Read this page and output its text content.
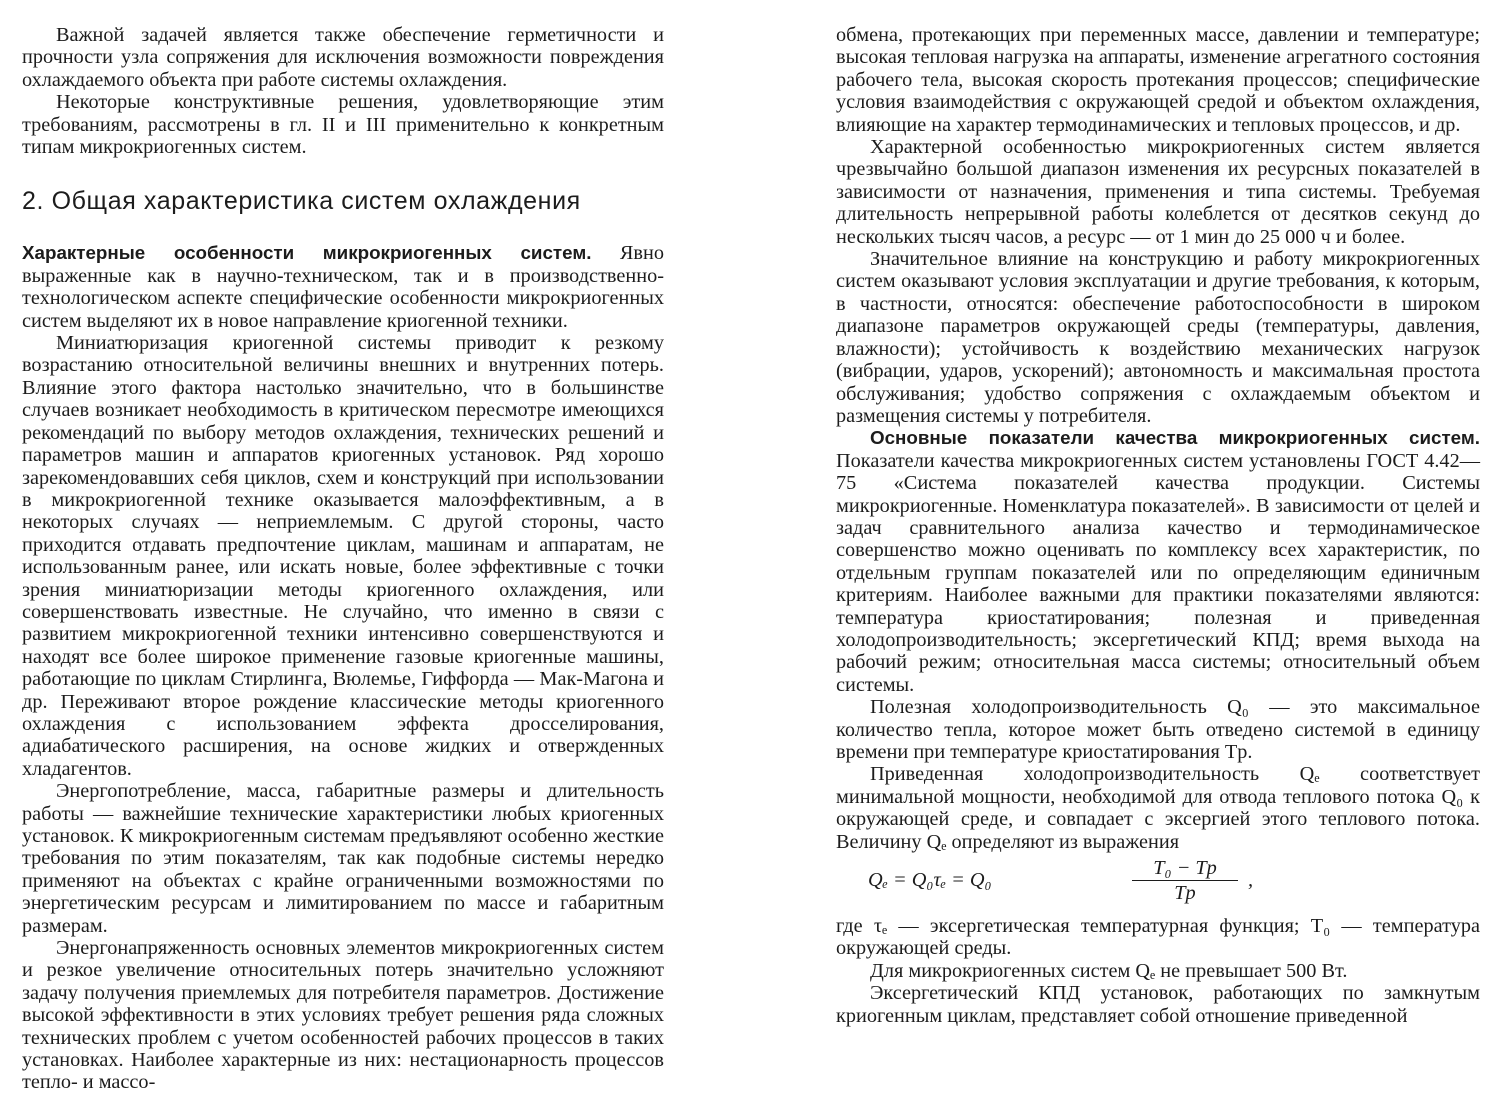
Важной задачей является также обеспечение герметичности и прочности узла сопряжения для исключения возможности повреждения охлаждаемого объекта при работе системы охлаждения.

Некоторые конструктивные решения, удовлетворяющие этим требованиям, рассмотрены в гл. II и III применительно к конкретным типам микрокриогенных систем.

2. Общая характеристика систем охлаждения

Характерные особенности микрокриогенных систем. Явно выраженные как в научно-техническом, так и в производственно-технологическом аспекте специфические особенности микрокриогенных систем выделяют их в новое направление криогенной техники.

Миниатюризация криогенной системы приводит к резкому возрастанию относительной величины внешних и внутренних потерь. Влияние этого фактора настолько значительно, что в большинстве случаев возникает необходимость в критическом пересмотре имеющихся рекомендаций по выбору методов охлаждения, технических решений и параметров машин и аппаратов криогенных установок. Ряд хорошо зарекомендовавших себя циклов, схем и конструкций при использовании в микрокриогенной технике оказывается малоэффективным, а в некоторых случаях — неприемлемым. С другой стороны, часто приходится отдавать предпочтение циклам, машинам и аппаратам, не использованным ранее, или искать новые, более эффективные с точки зрения миниатюризации методы криогенного охлаждения, или совершенствовать известные. Не случайно, что именно в связи с развитием микрокриогенной техники интенсивно совершенствуются и находят все более широкое применение газовые криогенные машины, работающие по циклам Стирлинга, Вюлемье, Гиффорда — Мак-Магона и др. Переживают второе рождение классические методы криогенного охлаждения с использованием эффекта дросселирования, адиабатического расширения, на основе жидких и отвержденных хладагентов.

Энергопотребление, масса, габаритные размеры и длительность работы — важнейшие технические характеристики любых криогенных установок. К микрокриогенным системам предъявляют особенно жесткие требования по этим показателям, так как подобные системы нередко применяют на объектах с крайне ограниченными возможностями по энергетическим ресурсам и лимитированием по массе и габаритным размерам.

Энергонапряженность основных элементов микрокриогенных систем и резкое увеличение относительных потерь значительно усложняют задачу получения приемлемых для потребителя параметров. Достижение высокой эффективности в этих условиях требует решения ряда сложных технических проблем с учетом особенностей рабочих процессов в таких установках. Наиболее характерные из них: нестационарность процессов тепло- и массо-

обмена, протекающих при переменных массе, давлении и температуре; высокая тепловая нагрузка на аппараты, изменение агрегатного состояния рабочего тела, высокая скорость протекания процессов; специфические условия взаимодействия с окружающей средой и объектом охлаждения, влияющие на характер термодинамических и тепловых процессов, и др.

Характерной особенностью микрокриогенных систем является чрезвычайно большой диапазон изменения их ресурсных показателей в зависимости от назначения, применения и типа системы. Требуемая длительность непрерывной работы колеблется от десятков секунд до нескольких тысяч часов, а ресурс — от 1 мин до 25 000 ч и более.

Значительное влияние на конструкцию и работу микрокриогенных систем оказывают условия эксплуатации и другие требования, к которым, в частности, относятся: обеспечение работоспособности в широком диапазоне параметров окружающей среды (температуры, давления, влажности); устойчивость к воздействию механических нагрузок (вибрации, ударов, ускорений); автономность и максимальная простота обслуживания; удобство сопряжения с охлаждаемым объектом и размещения системы у потребителя.

Основные показатели качества микрокриогенных систем. Показатели качества микрокриогенных систем установлены ГОСТ 4.42—75 «Система показателей качества продукции. Системы микрокриогенные. Номенклатура показателей». В зависимости от целей и задач сравнительного анализа качество и термодинамическое совершенство можно оценивать по комплексу всех характеристик, по отдельным группам показателей или по определяющим единичным критериям. Наиболее важными для практики показателями являются: температура криостатирования; полезная и приведенная холодопроизводительность; эксергетический КПД; время выхода на рабочий режим; относительная масса системы; относительный объем системы.

Полезная холодопроизводительность Q₀ — это максимальное количество тепла, которое может быть отведено системой в единицу времени при температуре криостатирования Tр.

Приведенная холодопроизводительность Qₑ соответствует минимальной мощности, необходимой для отвода теплового потока Q₀ к окружающей среде, и совпадает с эксергией этого теплового потока. Величину Qₑ определяют из выражения

Qₑ = Q₀τₑ = Q₀
T₀ − Tр
Tр
,

где τₑ — эксергетическая температурная функция; T₀ — температура окружающей среды.

Для микрокриогенных систем Qₑ не превышает 500 Вт.

Эксергетический КПД установок, работающих по замкнутым криогенным циклам, представляет собой отношение приведенной
